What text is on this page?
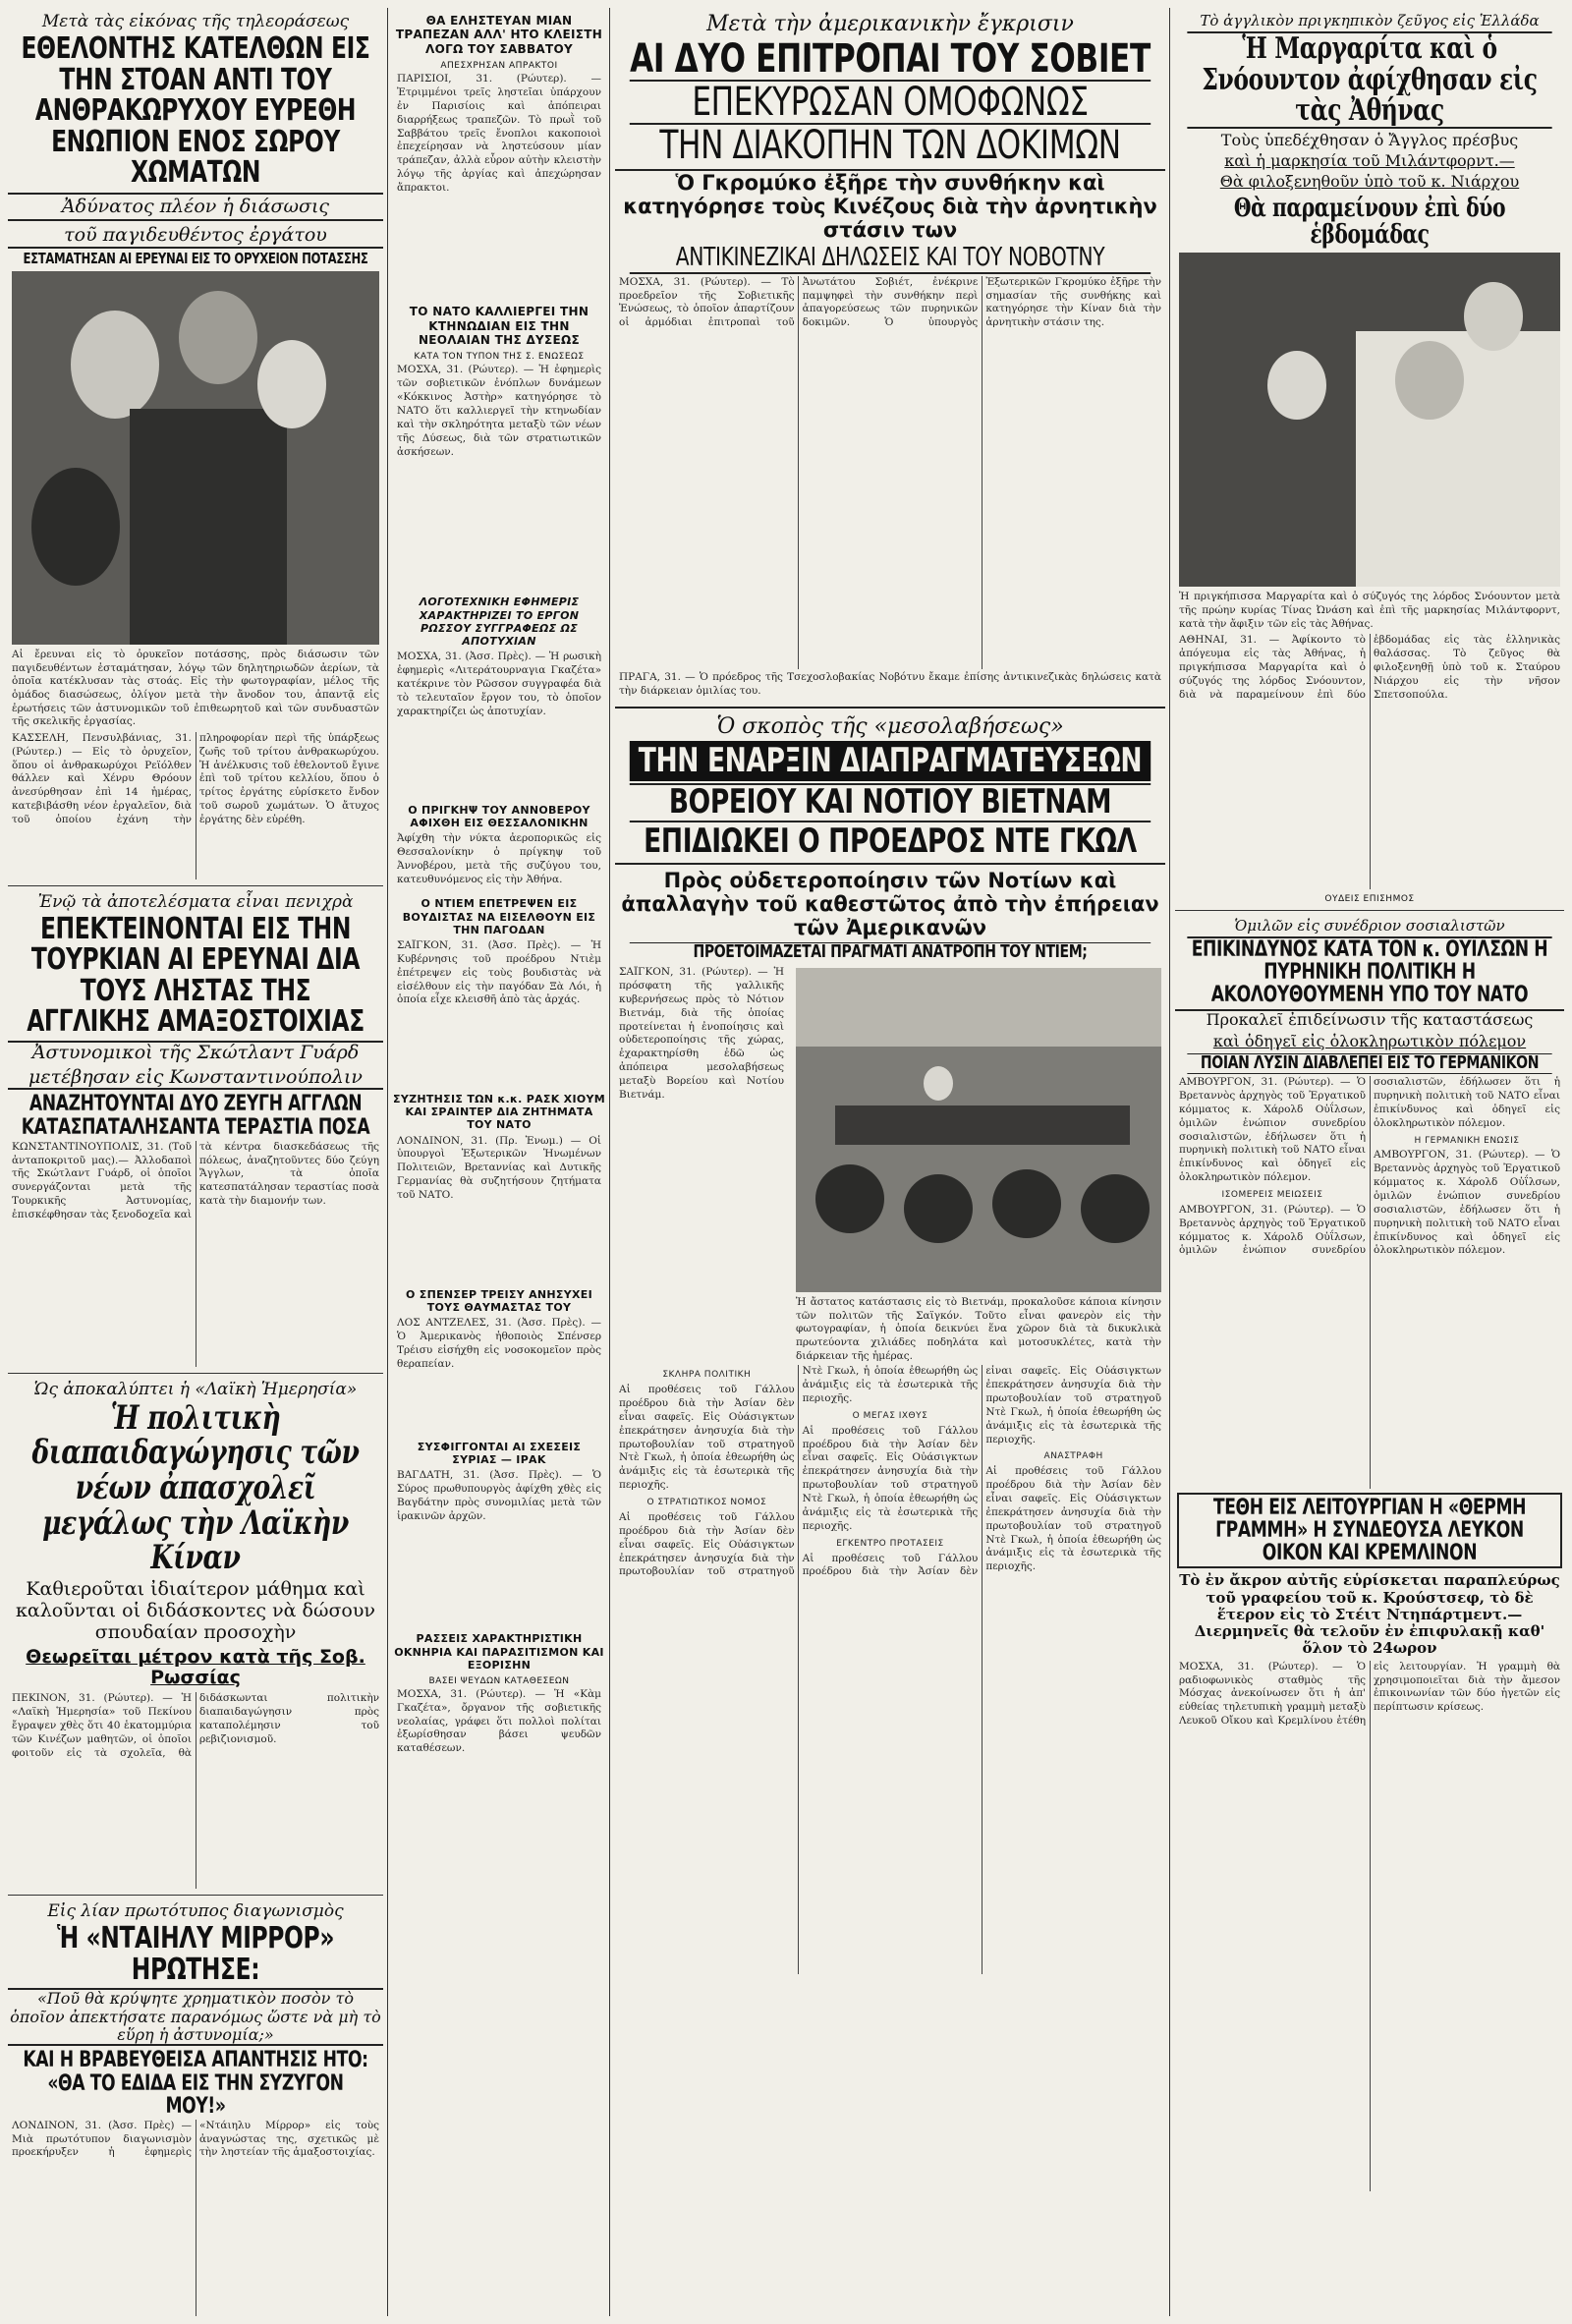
Μετὰ τὰς εἰκόνας τῆς τηλεοράσεως
ΕΘΕΛΟΝΤΗΣ ΚΑΤΕΛΘΩΝ ΕΙΣ ΤΗΝ ΣΤΟΑΝ ΑΝΤΙ ΤΟΥ ΑΝΘΡΑΚΩΡΥΧΟΥ ΕΥΡΕΘΗ ΕΝΩΠΙΟΝ ΕΝΟΣ ΣΩΡΟΥ ΧΩΜΑΤΩΝ
Ἀδύνατος πλέον ἡ διάσωσις
τοῦ παγιδευθέντος ἐργάτου
ΕΣΤΑΜΑΤΗΣΑΝ ΑΙ ΕΡΕΥΝΑΙ ΕΙΣ ΤΟ ΟΡΥΧΕΙΟΝ ΠΟΤΑΣΣΗΣ
Αἱ ἔρευναι εἰς τὸ ὀρυκεῖον ποτάσσης, πρὸς διάσωσιν τῶν παγιδευθέντων ἐσταμάτησαν, λόγῳ τῶν δηλητηριωδῶν ἀερίων, τὰ ὁποῖα κατέκλυσαν τὰς στοάς. Εἰς τὴν φωτογραφίαν, μέλος τῆς ὁμάδος διασώσεως, ὀλίγον μετὰ τὴν ἄνοδον του, ἀπαντᾷ εἰς ἐρωτήσεις τῶν ἀστυνομικῶν τοῦ ἐπιθεωρητοῦ καὶ τῶν συνδυαστῶν τῆς σκελικῆς ἐργασίας.
ΚΑΣΣΕΛΗ, Πενσυλβάνιας, 31. (Ρώυτερ.) — Εἰς τὸ ὀρυχεῖον, ὅπου οἱ ἀνθρακωρύχοι Ρεϊόλθεν θάλλεν καὶ Χένρυ Θρόουν ἀνεσύρθησαν ἐπὶ 14 ἡμέρας, κατεβιβάσθη νέον ἐργαλεῖον, διὰ τοῦ ὁποίου ἐχάνη τὴν πληροφορίαν περὶ τῆς ὑπάρξεως ζωῆς τοῦ τρίτου ἀνθρακωρύχου. Ἡ ἀνέλκυσις τοῦ ἐθελοντοῦ ἔγινε ἐπὶ τοῦ τρίτου κελλίου, ὅπου ὁ τρίτος ἐργάτης εὑρίσκετο ἔνδον τοῦ σωροῦ χωμάτων. Ὁ ἄτυχος ἐργάτης δὲν εὑρέθη.
Ἐνῷ τὰ ἀποτελέσματα εἶναι πενιχρὰ
ΕΠΕΚΤΕΙΝΟΝΤΑΙ ΕΙΣ ΤΗΝ ΤΟΥΡΚΙΑΝ ΑΙ ΕΡΕΥΝΑΙ ΔΙΑ ΤΟΥΣ ΛΗΣΤΑΣ ΤΗΣ ΑΓΓΛΙΚΗΣ ΑΜΑΞΟΣΤΟΙΧΙΑΣ
Ἀστυνομικοὶ τῆς Σκώτλαντ Γυάρδ
μετέβησαν εἰς Κωνσταντινούπολιν
ΑΝΑΖΗΤΟΥΝΤΑΙ ΔΥΟ ΖΕΥΓΗ ΑΓΓΛΩΝ ΚΑΤΑΣΠΑΤΑΛΗΣΑΝΤΑ ΤΕΡΑΣΤΙΑ ΠΟΣΑ
ΚΩΝΣΤΑΝΤΙΝΟΥΠΟΛΙΣ, 31. (Τοῦ ἀνταποκριτοῦ μας).— Ἀλλοδαποὶ τῆς Σκώτλαντ Γυάρδ, οἱ ὁποῖοι συνεργάζονται μετὰ τῆς Τουρκικῆς Ἀστυνομίας, ἐπισκέφθησαν τὰς ξενοδοχεῖα καὶ τὰ κέντρα διασκεδάσεως τῆς πόλεως, ἀναζητοῦντες δύο ζεύγη Ἄγγλων, τὰ ὁποῖα κατεσπατάλησαν τεραστίας ποσὰ κατὰ τὴν διαμονήν των.
Ὡς ἀποκαλύπτει ἡ «Λαϊκὴ Ἡμερησία»
Ἡ πολιτικὴ διαπαιδαγώγησις τῶν νέων ἀπασχολεῖ μεγάλως τὴν Λαϊκὴν Κίναν
Καθιεροῦται ἰδιαίτερον μάθημα καὶ καλοῦνται οἱ διδάσκοντες νὰ δώσουν σπουδαίαν προσοχὴν
Θεωρεῖται μέτρον κατὰ τῆς Σοβ. Ρωσσίας
ΠΕΚΙΝΟΝ, 31. (Ρώυτερ). — Ἡ «Λαϊκὴ Ἡμερησία» τοῦ Πεκίνου ἔγραψεν χθὲς ὅτι 40 ἑκατομμύρια τῶν Κινέζων μαθητῶν, οἱ ὁποῖοι φοιτοῦν εἰς τὰ σχολεῖα, θὰ διδάσκωνται πολιτικὴν διαπαιδαγώγησιν πρὸς καταπολέμησιν τοῦ ρεβιζιονισμοῦ.
Εἰς λίαν πρωτότυπος διαγωνισμὸς
Ἡ «ΝΤΑΙΗΛΥ ΜΙΡΡΟΡ» ΗΡΩΤΗΣΕ:
«Ποῦ θὰ κρύψητε χρηματικὸν ποσὸν τὸ ὁποῖον ἀπεκτήσατε παρανόμως ὥστε νὰ μὴ τὸ εὕρη ἡ ἀστυνομία;»
ΚΑΙ Η ΒΡΑΒΕΥΘΕΙΣΑ ΑΠΑΝΤΗΣΙΣ ΗΤΟ: «ΘΑ ΤΟ ΕΔΙΔΑ ΕΙΣ ΤΗΝ ΣΥΖΥΓΟΝ ΜΟΥ!»
ΛΟΝΔΙΝΟΝ, 31. (Ἀσσ. Πρὲς) — Μιὰ πρωτότυπον διαγωνισμὸν προεκήρυξεν ἡ ἐφημερὶς «Ντάιηλυ Μίρρορ» εἰς τοὺς ἀναγνώστας της, σχετικῶς μὲ τὴν ληστείαν τῆς ἀμαξοστοιχίας.
ΘΑ ΕΛΗΣΤΕΥΑΝ ΜΙΑΝ ΤΡΑΠΕΖΑΝ ΑΛΛ' ΗΤΟ ΚΛΕΙΣΤΗ ΛΟΓΩ ΤΟΥ ΣΑΒΒΑΤΟΥ
ΑΠΕΣΧΡΗΣΑΝ ΑΠΡΑΚΤΟΙ
ΠΑΡΙΣΙΟΙ, 31. (Ρώυτερ). — Ἐτριμμένοι τρεῖς ληστεῖαι ὑπάρχουν ἐν Παρισίοις καὶ ἀπόπειραι διαρρήξεως τραπεζῶν. Τὸ πρωῒ τοῦ Σαββάτου τρεῖς ἔνοπλοι κακοποιοὶ ἐπεχείρησαν νὰ ληστεύσουν μίαν τράπεζαν, ἀλλὰ εὗρον αὐτὴν κλειστὴν λόγῳ τῆς ἀργίας καὶ ἀπεχώρησαν ἄπρακτοι.
ΤΟ ΝΑΤΟ ΚΑΛΛΙΕΡΓΕΙ ΤΗΝ ΚΤΗΝΩΔΙΑΝ ΕΙΣ ΤΗΝ ΝΕΟΛΑΙΑΝ ΤΗΣ ΔΥΣΕΩΣ
ΚΑΤΑ ΤΟΝ ΤΥΠΟΝ ΤΗΣ Σ. ΕΝΩΣΕΩΣ
ΜΟΣΧΑ, 31. (Ρώυτερ). — Ἡ ἐφημερὶς τῶν σοβιετικῶν ἐνόπλων δυνάμεων «Κόκκινος Ἀστὴρ» κατηγόρησε τὸ ΝΑΤΟ ὅτι καλλιεργεῖ τὴν κτηνωδίαν καὶ τὴν σκληρότητα μεταξὺ τῶν νέων τῆς Δύσεως, διὰ τῶν στρατιωτικῶν ἀσκήσεων.
ΛΟΓΟΤΕΧΝΙΚΗ ΕΦΗΜΕΡΙΣ ΧΑΡΑΚΤΗΡΙΖΕΙ ΤΟ ΕΡΓΟΝ ΡΩΣΣΟΥ ΣΥΓΓΡΑΦΕΩΣ ΩΣ ΑΠΟΤΥΧΙΑΝ
ΜΟΣΧΑ, 31. (Ἀσσ. Πρὲς). — Ἡ ρωσικὴ ἐφημερὶς «Λιτεράτουρναγια Γκαζέτα» κατέκρινε τὸν Ρῶσσον συγγραφέα διὰ τὸ τελευταῖον ἔργον του, τὸ ὁποῖον χαρακτηρίζει ὡς ἀποτυχίαν.
Ο ΠΡΙΓΚΗΨ ΤΟΥ ΑΝΝΟΒΕΡΟΥ ΑΦΙΧΘΗ ΕΙΣ ΘΕΣΣΑΛΟΝΙΚΗΝ
Ἀφίχθη τὴν νύκτα ἀεροπορικῶς εἰς Θεσσαλονίκην ὁ πρίγκηψ τοῦ Ἀννοβέρου, μετὰ τῆς συζύγου του, κατευθυνόμενος εἰς τὴν Ἀθήνα.
Ο ΝΤΙΕΜ ΕΠΕΤΡΕΨΕΝ ΕΙΣ ΒΟΥΔΙΣΤΑΣ ΝΑ ΕΙΣΕΛΘΟΥΝ ΕΙΣ ΤΗΝ ΠΑΓΟΔΑΝ
ΣΑΪΓΚΟΝ, 31. (Ἀσσ. Πρὲς). — Ἡ Κυβέρνησις τοῦ προέδρου Ντιὲμ ἐπέτρεψεν εἰς τοὺς βουδιστὰς νὰ εἰσέλθουν εἰς τὴν παγόδαν Ξὰ Λόι, ἡ ὁποία εἶχε κλεισθῆ ἀπὸ τὰς ἀρχάς.
ΣΥΖΗΤΗΣΙΣ ΤΩΝ κ.κ. ΡΑΣΚ ΧΙΟΥΜ ΚΑΙ ΣΡΑΙΝΤΕΡ ΔΙΑ ΖΗΤΗΜΑΤΑ ΤΟΥ ΝΑΤΟ
ΛΟΝΔΙΝΟΝ, 31. (Πρ. Ἑνωμ.) — Οἱ ὑπουργοὶ Ἐξωτερικῶν Ἡνωμένων Πολιτειῶν, Βρεταννίας καὶ Δυτικῆς Γερμανίας θὰ συζητήσουν ζητήματα τοῦ ΝΑΤΟ.
Ο ΣΠΕΝΣΕΡ ΤΡΕΙΣΥ ΑΝΗΣΥΧΕΙ ΤΟΥΣ ΘΑΥΜΑΣΤΑΣ ΤΟΥ
ΛΟΣ ΑΝΤΖΕΛΕΣ, 31. (Ἀσσ. Πρὲς). — Ὁ Ἀμερικανὸς ἠθοποιὸς Σπένσερ Τρέισυ εἰσήχθη εἰς νοσοκομεῖον πρὸς θεραπείαν.
ΣΥΣΦΙΓΓΟΝΤΑΙ ΑΙ ΣΧΕΣΕΙΣ ΣΥΡΙΑΣ — ΙΡΑΚ
ΒΑΓΔΑΤΗ, 31. (Ἀσσ. Πρὲς). — Ὁ Σύρος πρωθυπουργὸς ἀφίχθη χθὲς εἰς Βαγδάτην πρὸς συνομιλίας μετὰ τῶν ἰρακινῶν ἀρχῶν.
ΡΑΣΣΕΙΣ ΧΑΡΑΚΤΗΡΙΣΤΙΚΗ ΟΚΝΗΡΙΑ ΚΑΙ ΠΑΡΑΣΙΤΙΣΜΟΝ ΚΑΙ ΕΞΟΡΙΣΗΝ
ΒΑΣΕΙ ΨΕΥΔΩΝ ΚΑΤΑΘΕΣΕΩΝ
ΜΟΣΧΑ, 31. (Ρώυτερ). — Ἡ «Κὰμ Γκαζέτα», ὄργανον τῆς σοβιετικῆς νεολαίας, γράφει ὅτι πολλοὶ πολίται ἐξωρίσθησαν βάσει ψευδῶν καταθέσεων.
Μετὰ τὴν ἀμερικανικὴν ἔγκρισιν
ΑΙ ΔΥΟ ΕΠΙΤΡΟΠΑΙ ΤΟΥ ΣΟΒΙΕΤ
ΕΠΕΚΥΡΩΣΑΝ ΟΜΟΦΩΝΩΣ
ΤΗΝ ΔΙΑΚΟΠΗΝ ΤΩΝ ΔΟΚΙΜΩΝ
Ὁ Γκρομύκο ἐξῆρε τὴν συνθήκην καὶ κατηγόρησε τοὺς Κινέζους διὰ τὴν ἀρνητικὴν στάσιν των
ΑΝΤΙΚΙΝΕΖΙΚΑΙ ΔΗΛΩΣΕΙΣ ΚΑΙ ΤΟΥ ΝΟΒΟΤΝΥ
ΜΟΣΧΑ, 31. (Ρώυτερ). — Τὸ προεδρεῖον τῆς Σοβιετικῆς Ἑνώσεως, τὸ ὁποῖον ἀπαρτίζουν οἱ ἀρμόδιαι ἐπιτροπαὶ τοῦ Ἀνωτάτου Σοβιέτ, ἐνέκρινε παμψηφεὶ τὴν συνθήκην περὶ ἀπαγορεύσεως τῶν πυρηνικῶν δοκιμῶν. Ὁ ὑπουργὸς Ἐξωτερικῶν Γκρομύκο ἐξῆρε τὴν σημασίαν τῆς συνθήκης καὶ κατηγόρησε τὴν Κίναν διὰ τὴν ἀρνητικὴν στάσιν της.
ΠΡΑΓΑ, 31. — Ὁ πρόεδρος τῆς Τσεχοσλοβακίας Νοβότνυ ἔκαμε ἐπίσης ἀντικινεζικὰς δηλώσεις κατὰ τὴν διάρκειαν ὁμιλίας του.
Ὁ σκοπὸς τῆς «μεσολαβήσεως»
ΤΗΝ ΕΝΑΡΞΙΝ ΔΙΑΠΡΑΓΜΑΤΕΥΣΕΩΝ
ΒΟΡΕΙΟΥ ΚΑΙ ΝΟΤΙΟΥ ΒΙΕΤΝΑΜ
ΕΠΙΔΙΩΚΕΙ Ο ΠΡΟΕΔΡΟΣ ΝΤΕ ΓΚΩΛ
Πρὸς οὐδετεροποίησιν τῶν Νοτίων καὶ ἀπαλλαγὴν τοῦ καθεστῶτος ἀπὸ τὴν ἐπήρειαν τῶν Ἀμερικανῶν
ΠΡΟΕΤΟΙΜΑΖΕΤΑΙ ΠΡΑΓΜΑΤΙ ΑΝΑΤΡΟΠΗ ΤΟΥ ΝΤΙΕΜ;
ΣΑΪΓΚΟΝ, 31. (Ρώυτερ). — Ἡ πρόσφατη τῆς γαλλικῆς κυβερνήσεως πρὸς τὸ Νότιον Βιετνάμ, διὰ τῆς ὁποίας προτείνεται ἡ ἐνοποίησις καὶ οὐδετεροποίησις τῆς χώρας, ἐχαρακτηρίσθη ἐδῶ ὡς ἀπόπειρα μεσολαβήσεως μεταξὺ Βορείου καὶ Νοτίου Βιετνάμ.
Ἡ ἄστατος κατάστασις εἰς τὸ Βιετνάμ, προκαλοῦσε κάποια κίνησιν τῶν πολιτῶν τῆς Σαϊγκόν. Τοῦτο εἶναι φανερὸν εἰς τὴν φωτογραφίαν, ἡ ὁποία δεικνύει ἕνα χῶρον διὰ τὰ δικυκλικὰ πρωτεύοντα χιλιάδες ποδηλάτα καὶ μοτοσυκλέτες, κατὰ τὴν διάρκειαν τῆς ἡμέρας.
ΣΚΛΗΡΑ ΠΟΛΙΤΙΚΗ
Αἱ προθέσεις τοῦ Γάλλου προέδρου διὰ τὴν Ἀσίαν δὲν εἶναι σαφεῖς. Εἰς Οὐάσιγκτων ἐπεκράτησεν ἀνησυχία διὰ τὴν πρωτοβουλίαν τοῦ στρατηγοῦ Ντὲ Γκωλ, ἡ ὁποία ἐθεωρήθη ὡς ἀνάμιξις εἰς τὰ ἐσωτερικὰ τῆς περιοχῆς.
Ο ΣΤΡΑΤΙΩΤΙΚΟΣ ΝΟΜΟΣ
Αἱ προθέσεις τοῦ Γάλλου προέδρου διὰ τὴν Ἀσίαν δὲν εἶναι σαφεῖς. Εἰς Οὐάσιγκτων ἐπεκράτησεν ἀνησυχία διὰ τὴν πρωτοβουλίαν τοῦ στρατηγοῦ Ντὲ Γκωλ, ἡ ὁποία ἐθεωρήθη ὡς ἀνάμιξις εἰς τὰ ἐσωτερικὰ τῆς περιοχῆς.
Ο ΜΕΓΑΣ ΙΧΘΥΣ
Αἱ προθέσεις τοῦ Γάλλου προέδρου διὰ τὴν Ἀσίαν δὲν εἶναι σαφεῖς. Εἰς Οὐάσιγκτων ἐπεκράτησεν ἀνησυχία διὰ τὴν πρωτοβουλίαν τοῦ στρατηγοῦ Ντὲ Γκωλ, ἡ ὁποία ἐθεωρήθη ὡς ἀνάμιξις εἰς τὰ ἐσωτερικὰ τῆς περιοχῆς.
ΕΓΚΕΝΤΡΟ ΠΡΟΤΑΣΕΙΣ
Αἱ προθέσεις τοῦ Γάλλου προέδρου διὰ τὴν Ἀσίαν δὲν εἶναι σαφεῖς. Εἰς Οὐάσιγκτων ἐπεκράτησεν ἀνησυχία διὰ τὴν πρωτοβουλίαν τοῦ στρατηγοῦ Ντὲ Γκωλ, ἡ ὁποία ἐθεωρήθη ὡς ἀνάμιξις εἰς τὰ ἐσωτερικὰ τῆς περιοχῆς.
ΑΝΑΣΤΡΑΦΗ
Αἱ προθέσεις τοῦ Γάλλου προέδρου διὰ τὴν Ἀσίαν δὲν εἶναι σαφεῖς. Εἰς Οὐάσιγκτων ἐπεκράτησεν ἀνησυχία διὰ τὴν πρωτοβουλίαν τοῦ στρατηγοῦ Ντὲ Γκωλ, ἡ ὁποία ἐθεωρήθη ὡς ἀνάμιξις εἰς τὰ ἐσωτερικὰ τῆς περιοχῆς.
Τὸ ἀγγλικὸν πριγκηπικὸν ζεῦγος εἰς Ἑλλάδα
Ἡ Μαργαρίτα καὶ ὁ Σνόουντον ἀφίχθησαν εἰς τὰς Ἀθήνας
Τοὺς ὑπεδέχθησαν ὁ Ἄγγλος πρέσβυς
καὶ ἡ μαρκησία τοῦ Μιλάντφορντ.—
Θὰ φιλοξενηθοῦν ὑπὸ τοῦ κ. Νιάρχου
Θὰ παραμείνουν ἐπὶ δύο ἑβδομάδας
Ἡ πριγκήπισσα Μαργαρίτα καὶ ὁ σύζυγός της λόρδος Σνόουντον μετὰ τῆς πρώην κυρίας Τίνας Ὠνάση καὶ ἐπὶ τῆς μαρκησίας Μιλάντφορντ, κατὰ τὴν ἄφιξιν τῶν εἰς τὰς Ἀθήνας.
ΑΘΗΝΑΙ, 31. — Ἀφίκοντο τὸ ἀπόγευμα εἰς τὰς Ἀθήνας, ἡ πριγκήπισσα Μαργαρίτα καὶ ὁ σύζυγός της λόρδος Σνόουντον, διὰ νὰ παραμείνουν ἐπὶ δύο ἑβδομάδας εἰς τὰς ἑλληνικὰς θαλάσσας. Τὸ ζεῦγος θὰ φιλοξενηθῇ ὑπὸ τοῦ κ. Σταύρου Νιάρχου εἰς τὴν νῆσον Σπετσοπούλα.
ΟΥΔΕΙΣ ΕΠΙΣΗΜΟΣ
Ὁμιλῶν εἰς συνέδριον σοσιαλιστῶν
ΕΠΙΚΙΝΔΥΝΟΣ ΚΑΤΑ ΤΟΝ κ. ΟΥΪΛΣΩΝ Η ΠΥΡΗΝΙΚΗ ΠΟΛΙΤΙΚΗ Η ΑΚΟΛΟΥΘΟΥΜΕΝΗ ΥΠΟ ΤΟΥ ΝΑΤΟ
Προκαλεῖ ἐπιδείνωσιν τῆς καταστάσεως
καὶ ὁδηγεῖ εἰς ὁλοκληρωτικὸν πόλεμον
ΠΟΙΑΝ ΛΥΣΙΝ ΔΙΑΒΛΕΠΕΙ ΕΙΣ ΤΟ ΓΕΡΜΑΝΙΚΟΝ
ΑΜΒΟΥΡΓΟΝ, 31. (Ρώυτερ). — Ὁ Βρεταννὸς ἀρχηγὸς τοῦ Ἐργατικοῦ κόμματος κ. Χάρολδ Οὐΐλσων, ὁμιλῶν ἐνώπιον συνεδρίου σοσιαλιστῶν, ἐδήλωσεν ὅτι ἡ πυρηνικὴ πολιτικὴ τοῦ ΝΑΤΟ εἶναι ἐπικίνδυνος καὶ ὁδηγεῖ εἰς ὁλοκληρωτικὸν πόλεμον.
ΙΣΟΜΕΡΕΙΣ ΜΕΙΩΣΕΙΣ
ΑΜΒΟΥΡΓΟΝ, 31. (Ρώυτερ). — Ὁ Βρεταννὸς ἀρχηγὸς τοῦ Ἐργατικοῦ κόμματος κ. Χάρολδ Οὐΐλσων, ὁμιλῶν ἐνώπιον συνεδρίου σοσιαλιστῶν, ἐδήλωσεν ὅτι ἡ πυρηνικὴ πολιτικὴ τοῦ ΝΑΤΟ εἶναι ἐπικίνδυνος καὶ ὁδηγεῖ εἰς ὁλοκληρωτικὸν πόλεμον.
Η ΓΕΡΜΑΝΙΚΗ ΕΝΩΣΙΣ
ΑΜΒΟΥΡΓΟΝ, 31. (Ρώυτερ). — Ὁ Βρεταννὸς ἀρχηγὸς τοῦ Ἐργατικοῦ κόμματος κ. Χάρολδ Οὐΐλσων, ὁμιλῶν ἐνώπιον συνεδρίου σοσιαλιστῶν, ἐδήλωσεν ὅτι ἡ πυρηνικὴ πολιτικὴ τοῦ ΝΑΤΟ εἶναι ἐπικίνδυνος καὶ ὁδηγεῖ εἰς ὁλοκληρωτικὸν πόλεμον.
ΤΕΘΗ ΕΙΣ ΛΕΙΤΟΥΡΓΙΑΝ Η «ΘΕΡΜΗ ΓΡΑΜΜΗ» Η ΣΥΝΔΕΟΥΣΑ ΛΕΥΚΟΝ ΟΙΚΟΝ ΚΑΙ ΚΡΕΜΛΙΝΟΝ
Τὸ ἐν ἄκρον αὐτῆς εὑρίσκεται παραπλεύρως τοῦ γραφείου τοῦ κ. Κρούστσεφ, τὸ δὲ ἕτερον εἰς τὸ Στέιτ Ντηπάρτμεντ.—Διερμηνεῖς θὰ τελοῦν ἐν ἐπιφυλακῇ καθ' ὅλον τὸ 24ωρον
ΜΟΣΧΑ, 31. (Ρώυτερ). — Ὁ ραδιοφωνικὸς σταθμὸς τῆς Μόσχας ἀνεκοίνωσεν ὅτι ἡ ἀπ' εὐθείας τηλετυπικὴ γραμμὴ μεταξὺ Λευκοῦ Οἴκου καὶ Κρεμλίνου ἐτέθη εἰς λειτουργίαν. Ἡ γραμμὴ θὰ χρησιμοποιεῖται διὰ τὴν ἄμεσον ἐπικοινωνίαν τῶν δύο ἡγετῶν εἰς περίπτωσιν κρίσεως.
